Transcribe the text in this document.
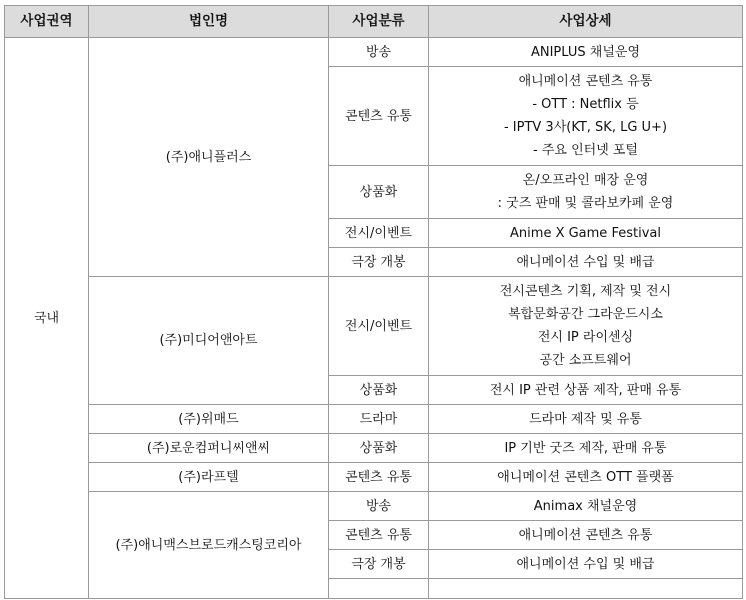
사업권역	법인명	사업분류	사업상세	
국내	(주)애니플러스	방송	ANIPLUS 채널운영	

		콘텐츠 유통	애니메이션 콘텐츠 유통
- OTT : Netflix 등
- IPTV 3사(KT, SK, LG U+)
- 주요 인터넷 포털	

		상품화	온/오프라인 매장 운영
: 굿즈 판매 및 콜라보카페 운영	

		전시/이벤트	Anime X Game Festival	

		극장 개봉	애니메이션 수입 및 배급	

	(주)미디어앤아트	전시/이벤트	전시콘텐츠 기획, 제작 및 전시
복합문화공간 그라운드시소
전시 IP 라이센싱
공간 소프트웨어	

		상품화	전시 IP 관련 상품 제작, 판매 유통	

	(주)위매드	드라마	드라마 제작 및 유통	

	(주)로운컴퍼니씨앤씨	상품화	IP 기반 굿즈 제작, 판매 유통	

	(주)라프텔	콘텐츠 유통	애니메이션 콘텐츠 OTT 플랫폼	

	(주)애니맥스브로드캐스팅코리아	방송	Animax 채널운영	

		콘텐츠 유통	애니메이션 콘텐츠 유통	

		극장 개봉	애니메이션 수입 및 배급	
